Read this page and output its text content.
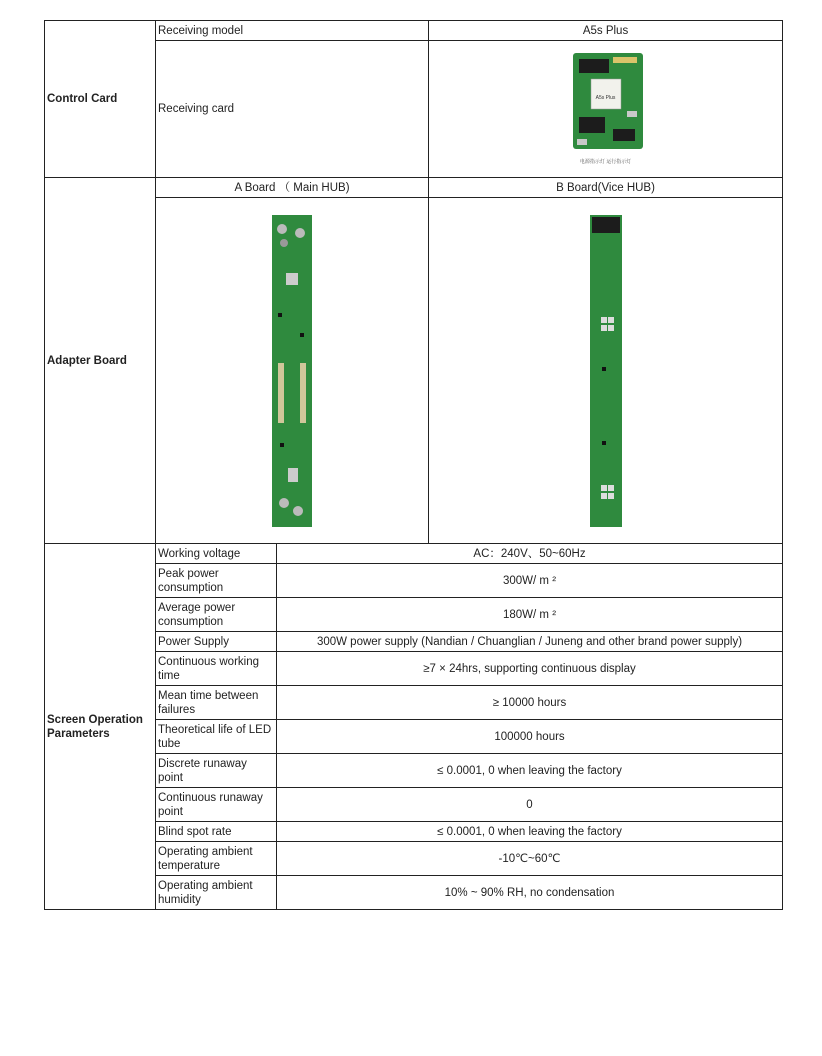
Control Card	Receiving model		A5s Plus
	Receiving card		A5s Plus
电源指示灯 运行指示灯

Adapter Board	A Board （ Main HUB)		B Board(Vice HUB)

Screen Operation Parameters	Working voltage	AC：240V、50~60Hz	
	Peak power consumption	300W/ m ²	
	Average power consumption	180W/ m ²	
	Power Supply	300W power supply (Nandian / Chuanglian / Juneng and other brand power supply)	
	Continuous working time	≥7 × 24hrs, supporting continuous display	
	Mean time between failures	≥ 10000 hours	
	Theoretical life of LED tube	100000 hours	
	Discrete runaway point	≤ 0.0001, 0 when leaving the factory	
	Continuous runaway point	0	
	Blind spot rate	≤ 0.0001, 0 when leaving the factory	
	Operating ambient temperature	-10℃~60℃	
	Operating ambient humidity	10% ~ 90% RH, no condensation	
